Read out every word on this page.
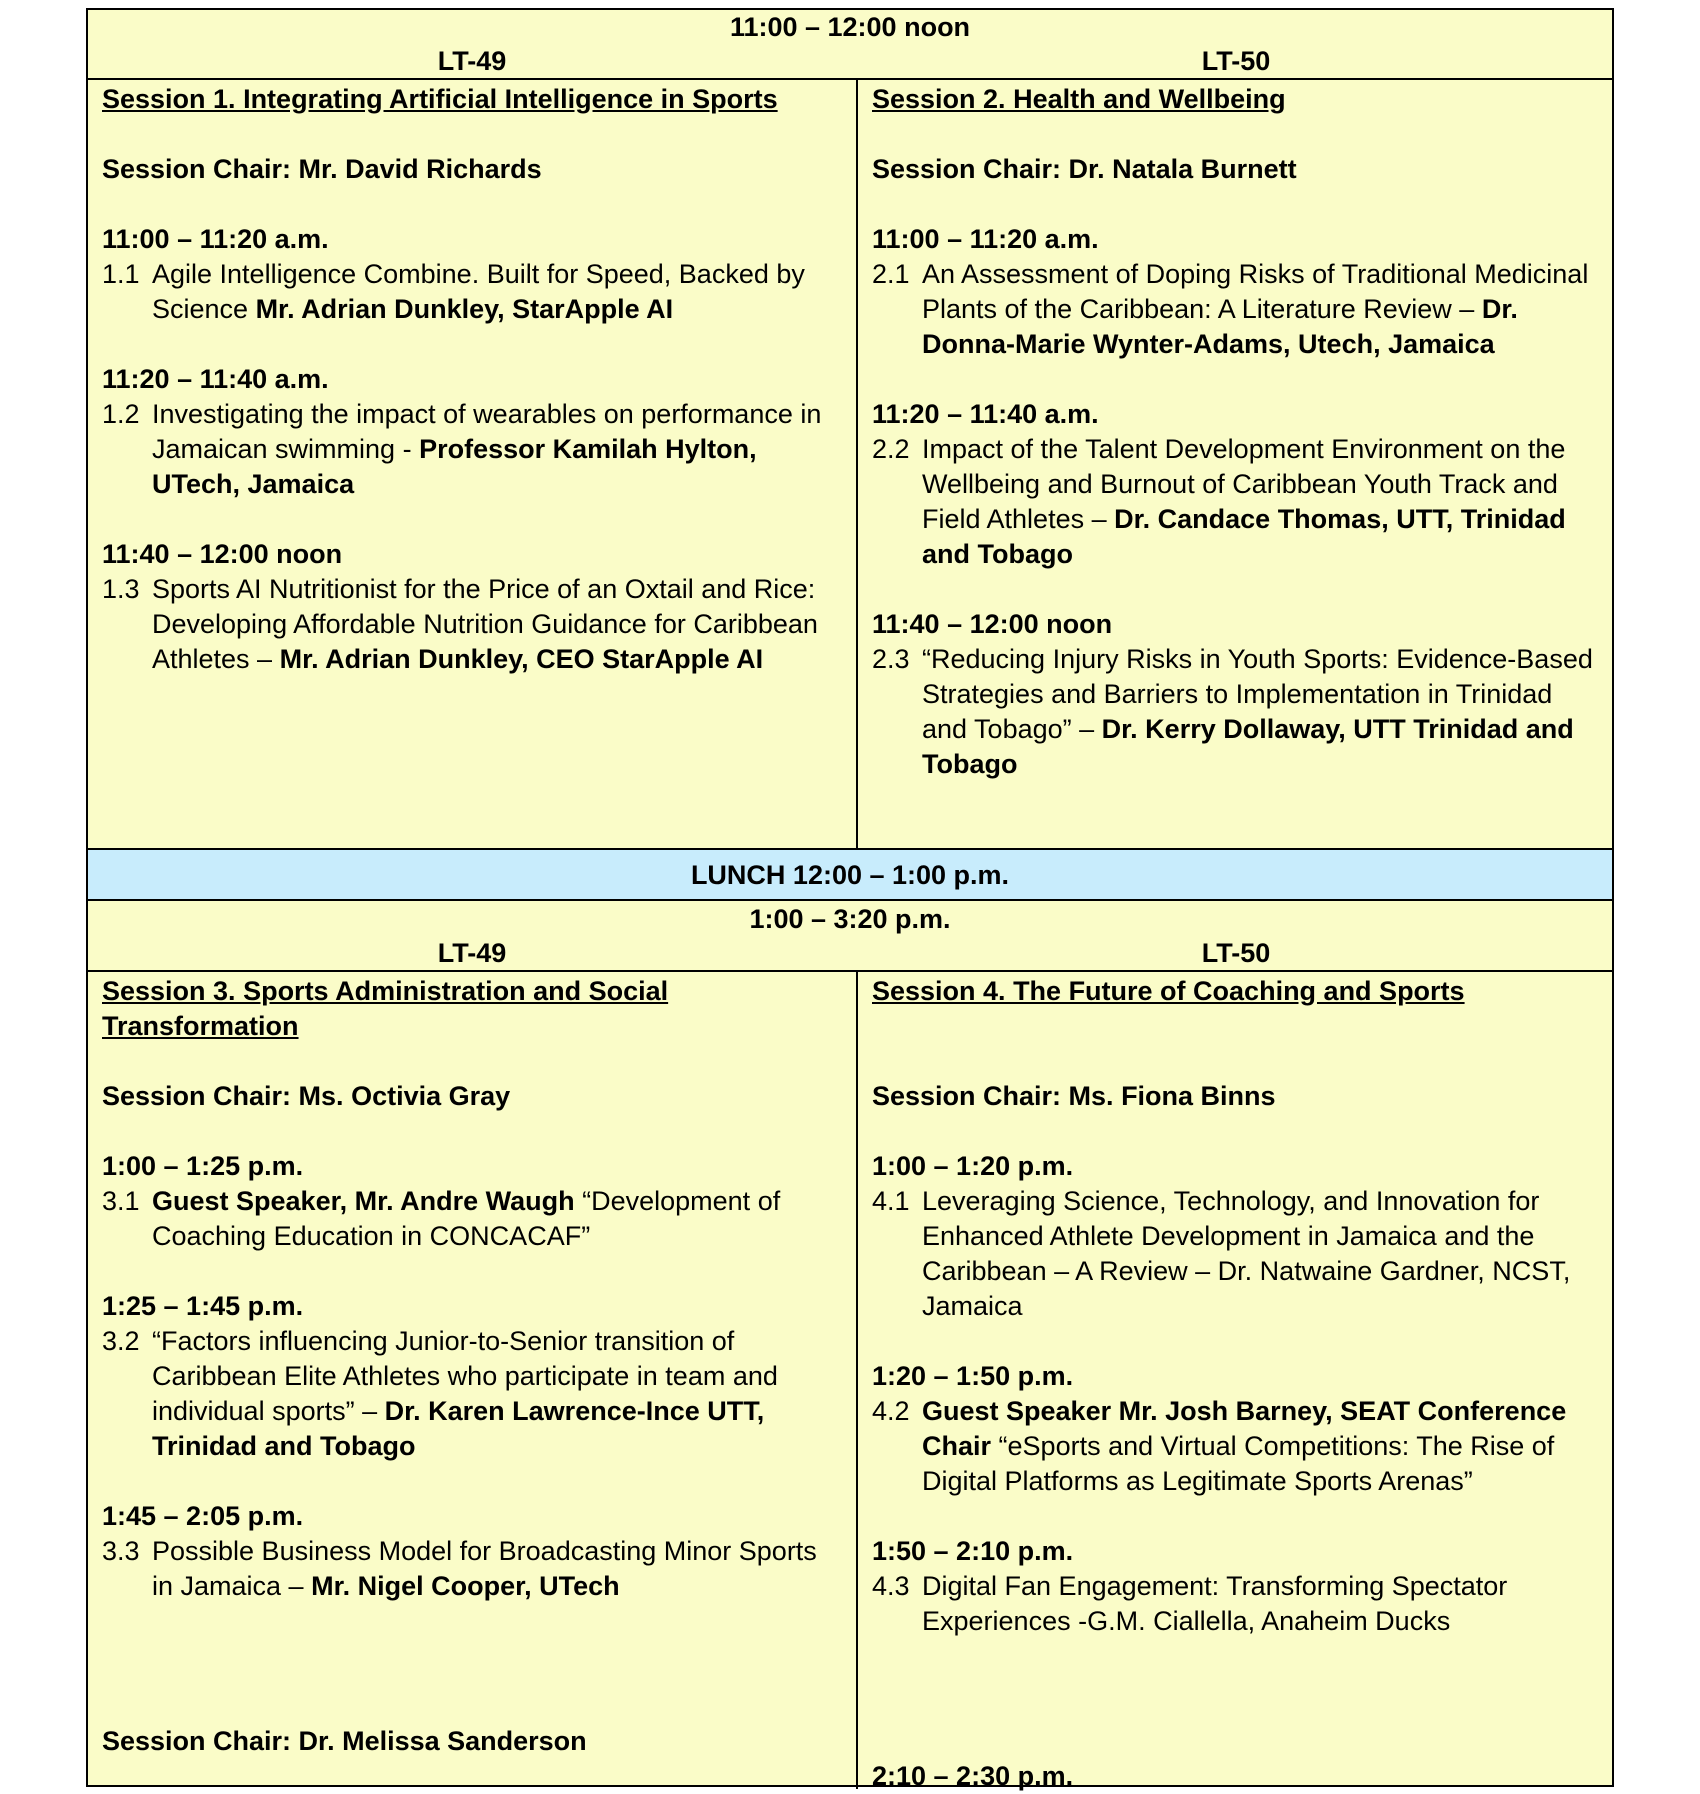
11:00 – 12:00 noon
LT-49	LT-50

Session 1. Integrating Artificial Intelligence in Sports

Session Chair: Mr. David Richards

11:00 – 11:20 a.m.

1.1 Agile Intelligence Combine. Built for Speed, Backed by Science Mr. Adrian Dunkley, StarApple AI

11:20 – 11:40 a.m.

1.2 Investigating the impact of wearables on performance in Jamaican swimming - Professor Kamilah Hylton, UTech, Jamaica

11:40 – 12:00 noon

1.3 Sports AI Nutritionist for the Price of an Oxtail and Rice: Developing Affordable Nutrition Guidance for Caribbean Athletes – Mr. Adrian Dunkley, CEO StarApple AI

Session 2. Health and Wellbeing

Session Chair: Dr. Natala Burnett

11:00 – 11:20 a.m.

2.1 An Assessment of Doping Risks of Traditional Medicinal Plants of the Caribbean: A Literature Review – Dr. Donna-Marie Wynter-Adams, Utech, Jamaica

11:20 – 11:40 a.m.

2.2 Impact of the Talent Development Environment on the Wellbeing and Burnout of Caribbean Youth Track and Field Athletes – Dr. Candace Thomas, UTT, Trinidad and Tobago

11:40 – 12:00 noon

2.3 “Reducing Injury Risks in Youth Sports: Evidence-Based Strategies and Barriers to Implementation in Trinidad and Tobago” – Dr. Kerry Dollaway, UTT Trinidad and Tobago

LUNCH 12:00 – 1:00 p.m.
1:00 – 3:20 p.m.
LT-49	LT-50

Session 3. Sports Administration and Social Transformation

Session Chair: Ms. Octivia Gray

1:00 – 1:25 p.m.

3.1 Guest Speaker, Mr. Andre Waugh “Development of Coaching Education in CONCACAF”

1:25 – 1:45 p.m.

3.2 “Factors influencing Junior-to-Senior transition of Caribbean Elite Athletes who participate in team and individual sports” – Dr. Karen Lawrence-Ince UTT, Trinidad and Tobago

1:45 – 2:05 p.m.

3.3 Possible Business Model for Broadcasting Minor Sports in Jamaica – Mr. Nigel Cooper, UTech

Session Chair: Dr. Melissa Sanderson

Session 4. The Future of Coaching and Sports

Session Chair: Ms. Fiona Binns

1:00 – 1:20 p.m.

4.1 Leveraging Science, Technology, and Innovation for Enhanced Athlete Development in Jamaica and the Caribbean – A Review – Dr. Natwaine Gardner, NCST, Jamaica

1:20 – 1:50 p.m.

4.2 Guest Speaker Mr. Josh Barney, SEAT Conference Chair “eSports and Virtual Competitions: The Rise of Digital Platforms as Legitimate Sports Arenas”

1:50 – 2:10 p.m.

4.3 Digital Fan Engagement: Transforming Spectator Experiences -G.M. Ciallella, Anaheim Ducks

2:10 – 2:30 p.m.
